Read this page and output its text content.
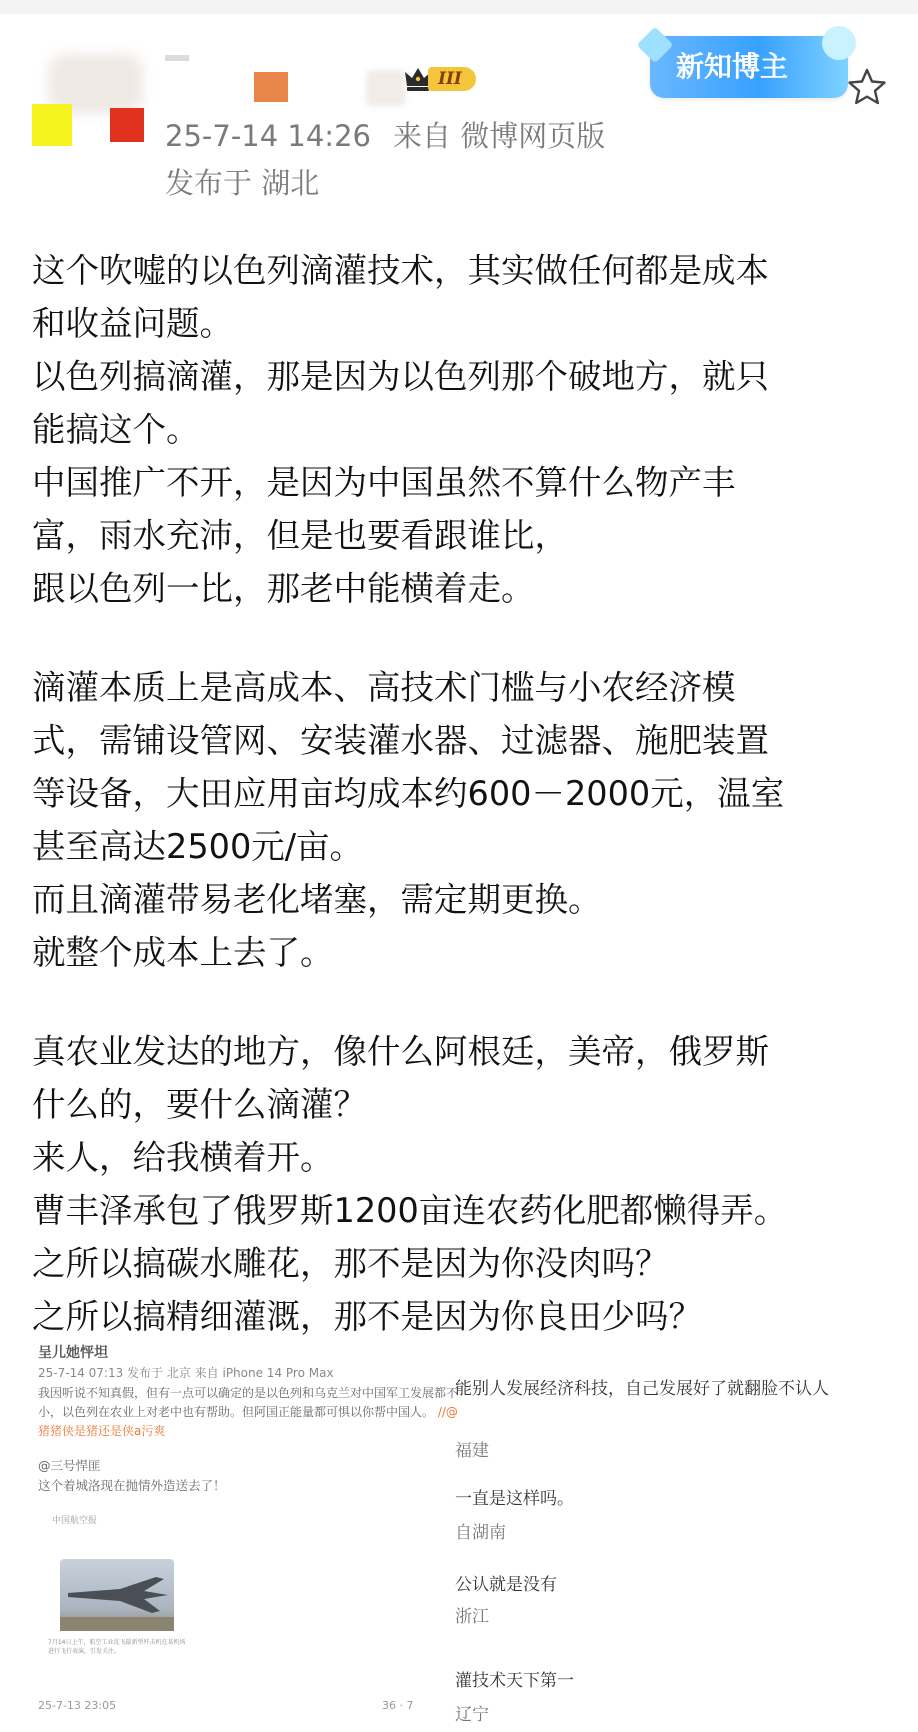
III
25-7-14 14:26 来自 微博网页版
发布于 湖北
新知博主

这个吹嘘的以色列滴灌技术，其实做任何都是成本

和收益问题。

以色列搞滴灌，那是因为以色列那个破地方，就只

能搞这个。

中国推广不开，是因为中国虽然不算什么物产丰

富，雨水充沛，但是也要看跟谁比，

跟以色列一比，那老中能横着走。

滴灌本质上是高成本、高技术门槛与小农经济模

式，需铺设管网、安装灌水器、过滤器、施肥装置

等设备，大田应用亩均成本约600－2000元，温室

甚至高达2500元/亩。

而且滴灌带易老化堵塞，需定期更换。

就整个成本上去了。

真农业发达的地方，像什么阿根廷，美帝，俄罗斯

什么的，要什么滴灌？

来人，给我横着开。

曹丰泽承包了俄罗斯1200亩连农药化肥都懒得弄。

之所以搞碳水雕花，那不是因为你没肉吗？

之所以搞精细灌溉，那不是因为你良田少吗？

呈儿她怦坦
25-7-14 07:13 发布于 北京 来自 iPhone 14 Pro Max
我因听说不知真假，但有一点可以确定的是以色列和乌克兰对中国军工发展都不小，以色列在农业上对老中也有帮助。但阿国正能量都可惧以你帮中国人。 //@猪猪侠是猪还是侠a污爽
@三号悍匪
这个着城洛现在抛情外造送去了！
中国航空报
7月14日上午，航空工业沈飞最新型歼击机在某机场进行飞行表演，引发关注。
25-7-13 23:05	36 · 7
能别人发展经济科技，自己发展好了就翻脸不认人
福建
一直是这样吗。
自湖南
公认就是没有
浙江
灌技术天下第一
辽宁
